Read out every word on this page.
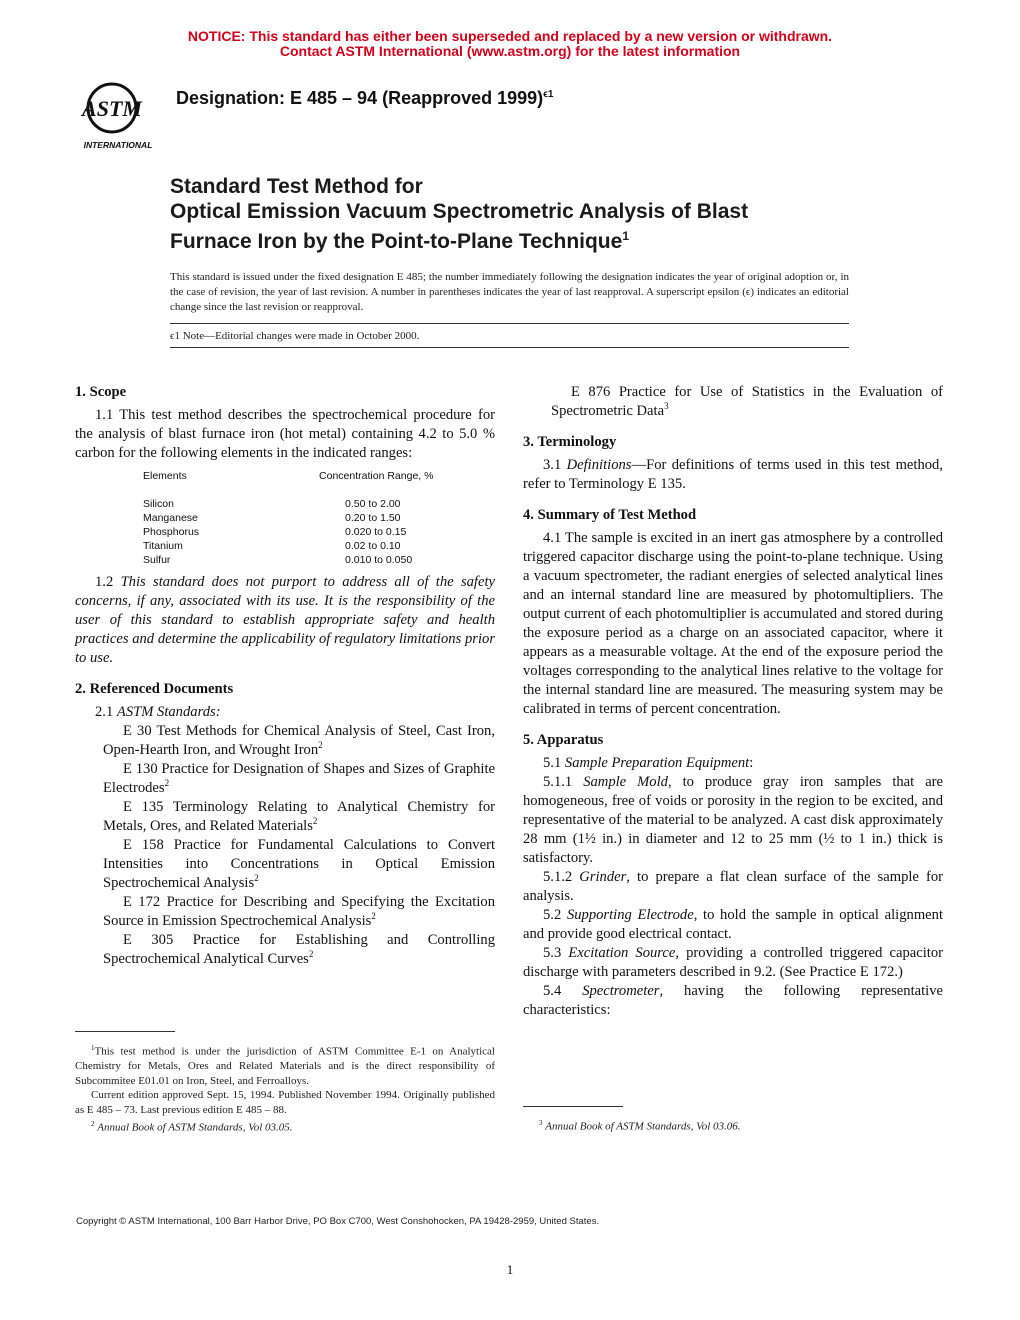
NOTICE: This standard has either been superseded and replaced by a new version or withdrawn.
Contact ASTM International (www.astm.org) for the latest information
ASTM
INTERNATIONAL
Designation: E 485 – 94 (Reapproved 1999)$^{\epsilon 1}$
Standard Test Method for
Optical Emission Vacuum Spectrometric Analysis of Blast
Furnace Iron by the Point-to-Plane Technique$^1$
This standard is issued under the fixed designation E 485; the number immediately following the designation indicates the year of original adoption or, in the case of revision, the year of last revision. A number in parentheses indicates the year of last reapproval. A superscript epsilon (ϵ) indicates an editorial change since the last revision or reapproval.
ϵ1 Note—Editorial changes were made in October 2000.
1. Scope

1.1 This test method describes the spectrochemical procedure for the analysis of blast furnace iron (hot metal) containing 4.2 to 5.0 % carbon for the following elements in the indicated ranges:

Elements	Concentration Range, %

Silicon	0.50 to 2.00
Manganese	0.20 to 1.50
Phosphorus	0.020 to 0.15
Titanium	0.02 to 0.10
Sulfur	0.010 to 0.050

1.2 This standard does not purport to address all of the safety concerns, if any, associated with its use. It is the responsibility of the user of this standard to establish appropriate safety and health practices and determine the applicability of regulatory limitations prior to use.

2. Referenced Documents

2.1 ASTM Standards:

E 30 Test Methods for Chemical Analysis of Steel, Cast Iron, Open-Hearth Iron, and Wrought Iron$^2$

E 130 Practice for Designation of Shapes and Sizes of Graphite Electrodes$^2$

E 135 Terminology Relating to Analytical Chemistry for Metals, Ores, and Related Materials$^2$

E 158 Practice for Fundamental Calculations to Convert Intensities into Concentrations in Optical Emission Spectrochemical Analysis$^2$

E 172 Practice for Describing and Specifying the Excitation Source in Emission Spectrochemical Analysis$^2$

E 305 Practice for Establishing and Controlling Spectrochemical Analytical Curves$^2$

$^1$This test method is under the jurisdiction of ASTM Committee E-1 on Analytical Chemistry for Metals, Ores and Related Materials and is the direct responsibility of Subcommitee E01.01 on Iron, Steel, and Ferroalloys.

Current edition approved Sept. 15, 1994. Published November 1994. Originally published as E 485 – 73. Last previous edition E 485 – 88.

$^2$ Annual Book of ASTM Standards, Vol 03.05.

E 876 Practice for Use of Statistics in the Evaluation of Spectrometric Data$^3$

3. Terminology

3.1 Definitions—For definitions of terms used in this test method, refer to Terminology E 135.

4. Summary of Test Method

4.1 The sample is excited in an inert gas atmosphere by a controlled triggered capacitor discharge using the point-to-plane technique. Using a vacuum spectrometer, the radiant energies of selected analytical lines and an internal standard line are measured by photomultipliers. The output current of each photomultiplier is accumulated and stored during the exposure period as a charge on an associated capacitor, where it appears as a measurable voltage. At the end of the exposure period the voltages corresponding to the analytical lines relative to the voltage for the internal standard line are measured. The measuring system may be calibrated in terms of percent concentration.

5. Apparatus

5.1 Sample Preparation Equipment:

5.1.1 Sample Mold, to produce gray iron samples that are homogeneous, free of voids or porosity in the region to be excited, and representative of the material to be analyzed. A cast disk approximately 28 mm (1½ in.) in diameter and 12 to 25 mm (½ to 1 in.) thick is satisfactory.

5.1.2 Grinder, to prepare a flat clean surface of the sample for analysis.

5.2 Supporting Electrode, to hold the sample in optical alignment and provide good electrical contact.

5.3 Excitation Source, providing a controlled triggered capacitor discharge with parameters described in 9.2. (See Practice E 172.)

5.4 Spectrometer, having the following representative characteristics:

$^3$ Annual Book of ASTM Standards, Vol 03.06.

Copyright © ASTM International, 100 Barr Harbor Drive, PO Box C700, West Conshohocken, PA 19428-2959, United States.
1
